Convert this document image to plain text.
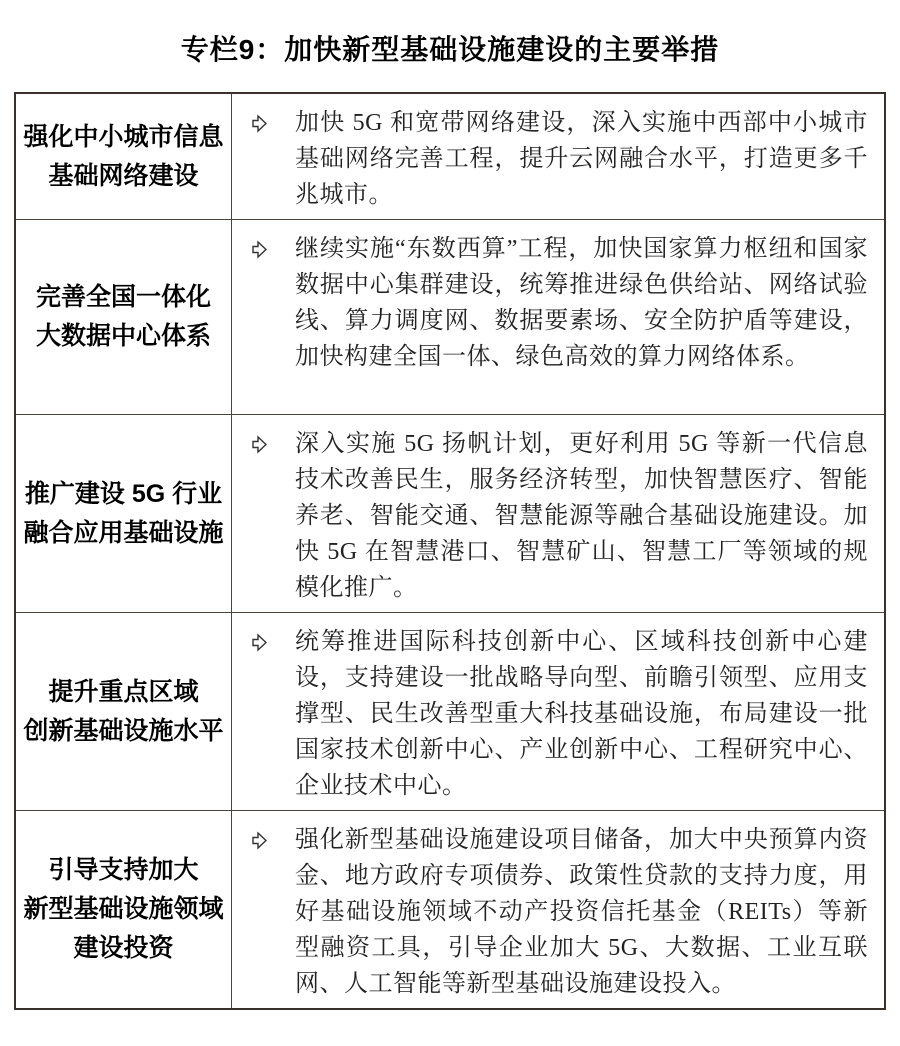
专栏9：加快新型基础设施建设的主要举措
强化中小城市信息
基础网络建设
加快 5G 和宽带网络建设，深入实施中西部中小城市基础网络完善工程，提升云网融合水平，打造更多千兆城市。
完善全国一体化
大数据中心体系
继续实施“东数西算”工程，加快国家算力枢纽和国家数据中心集群建设，统筹推进绿色供给站、网络试验线、算力调度网、数据要素场、安全防护盾等建设，加快构建全国一体、绿色高效的算力网络体系。
推广建设 5G 行业
融合应用基础设施
深入实施 5G 扬帆计划，更好利用 5G 等新一代信息技术改善民生，服务经济转型，加快智慧医疗、智能养老、智能交通、智慧能源等融合基础设施建设。加快 5G 在智慧港口、智慧矿山、智慧工厂等领域的规模化推广。
提升重点区域
创新基础设施水平
统筹推进国际科技创新中心、区域科技创新中心建设，支持建设一批战略导向型、前瞻引领型、应用支撑型、民生改善型重大科技基础设施，布局建设一批国家技术创新中心、产业创新中心、工程研究中心、企业技术中心。
引导支持加大
新型基础设施领域
建设投资
强化新型基础设施建设项目储备，加大中央预算内资金、地方政府专项债券、政策性贷款的支持力度，用好基础设施领域不动产投资信托基金（REITs）等新型融资工具，引导企业加大 5G、大数据、工业互联网、人工智能等新型基础设施建设投入。
